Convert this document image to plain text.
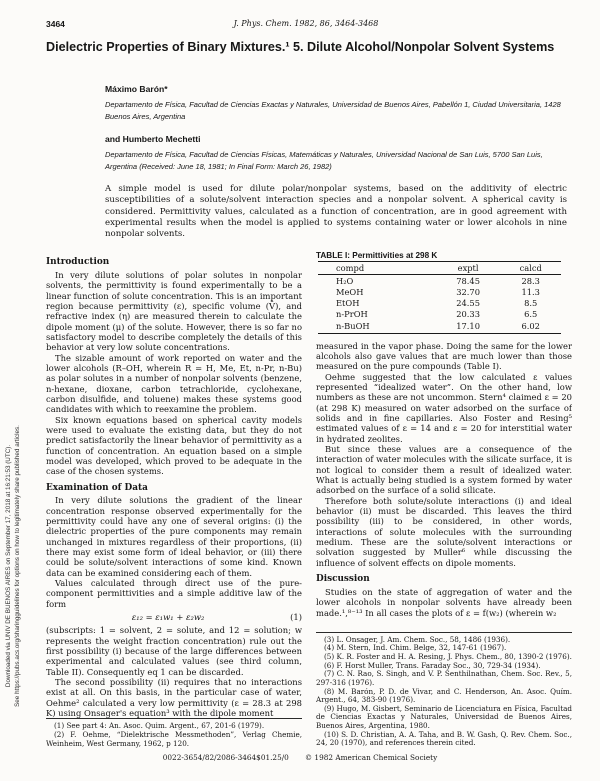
Downloaded via UNIV DE BUENOS AIRES on September 17, 2018 at 16:21:53 (UTC). See https://pubs.acs.org/sharingguidelines for options on how to legitimately share published articles.
3464	J. Phys. Chem. 1982, 86, 3464-3468
Dielectric Properties of Binary Mixtures.¹ 5. Dilute Alcohol/Nonpolar Solvent Systems

Máximo Barón*

Departamento de Física, Facultad de Ciencias Exactas y Naturales, Universidad de Buenos Aires, Pabellón 1, Ciudad Universitaria, 1428 Buenos Aires, Argentina

and Humberto Mechetti

Departamento de Física, Facultad de Ciencias Físicas, Matemáticas y Naturales, Universidad Nacional de San Luis, 5700 San Luis, Argentina (Received: June 18, 1981; In Final Form: March 26, 1982)

A simple model is used for dilute polar/nonpolar systems, based on the additivity of electric susceptibilities of a solute/solvent interaction species and a nonpolar solvent. A spherical cavity is considered. Permittivity values, calculated as a function of concentration, are in good agreement with experimental results when the model is applied to systems containing water or lower alcohols in nine nonpolar solvents.

Introduction

In very dilute solutions of polar solutes in nonpolar solvents, the permittivity is found experimentally to be a linear function of solute concentration. This is an important region because permittivity (ε), specific volume (V̄), and refractive index (η) are measured therein to calculate the dipole moment (μ) of the solute. However, there is so far no satisfactory model to describe completely the details of this behavior at very low solute concentrations.

The sizable amount of work reported on water and the lower alcohols (R–OH, wherein R = H, Me, Et, n-Pr, n-Bu) as polar solutes in a number of nonpolar solvents (benzene, n-hexane, dioxane, carbon tetrachloride, cyclohexane, carbon disulfide, and toluene) makes these systems good candidates with which to reexamine the problem.

Six known equations based on spherical cavity models were used to evaluate the existing data, but they do not predict satisfactorily the linear behavior of permittivity as a function of concentration. An equation based on a simple model was developed, which proved to be adequate in the case of the chosen systems.

Examination of Data

In very dilute solutions the gradient of the linear concentration response observed experimentally for the permittivity could have any one of several origins: (i) the dielectric properties of the pure components may remain unchanged in mixtures regardless of their proportions, (ii) there may exist some form of ideal behavior, or (iii) there could be solute/solvent interactions of some kind. Known data can be examined considering each of them.

Values calculated through direct use of the pure-component permittivities and a simple additive law of the form

ε₁₂ = ε₁w₁ + ε₂w₂	(1)

(subscripts: 1 = solvent, 2 = solute, and 12 = solution; w represents the weight fraction concentration) rule out the first possibility (i) because of the large differences between experimental and calculated values (see third column, Table II). Consequently eq 1 can be discarded.

The second possibility (ii) requires that no interactions exist at all. On this basis, in the particular case of water, Oehme² calculated a very low permittivity (ε = 28.3 at 298 K) using Onsager's equation³ with the dipole moment

(1) See part 4: An. Asoc. Quim. Argent., 67, 201-6 (1979).

(2) F. Oehme, “Dielektrische Messmethoden”, Verlag Chemie, Weinheim, West Germany, 1962, p 120.

TABLE I: Permittivities at 298 K

compd	exptl	calcd
H₂O	78.45	28.3
MeOH	32.70	11.3
EtOH	24.55	8.5
n-PrOH	20.33	6.5
n-BuOH	17.10	6.02

measured in the vapor phase. Doing the same for the lower alcohols also gave values that are much lower than those measured on the pure compounds (Table I).

Oehme suggested that the low calculated ε values represented “idealized water”. On the other hand, low numbers as these are not uncommon. Stern⁴ claimed ε = 20 (at 298 K) measured on water adsorbed on the surface of solids and in fine capillaries. Also Foster and Resing⁵ estimated values of ε = 14 and ε = 20 for interstitial water in hydrated zeolites.

But since these values are a consequence of the interaction of water molecules with the silicate surface, it is not logical to consider them a result of idealized water. What is actually being studied is a system formed by water adsorbed on the surface of a solid silicate.

Therefore both solute/solute interactions (i) and ideal behavior (ii) must be discarded. This leaves the third possibility (iii) to be considered, in other words, interactions of solute molecules with the surrounding medium. These are the solute/solvent interactions or solvation suggested by Muller⁶ while discussing the influence of solvent effects on dipole moments.

Discussion

Studies on the state of aggregation of water and the lower alcohols in nonpolar solvents have already been made.¹,⁸⁻¹³ In all cases the plots of ε = f(w₂) (wherein w₂

(3) L. Onsager, J. Am. Chem. Soc., 58, 1486 (1936).

(4) M. Stern, Ind. Chim. Belge, 32, 147-61 (1967).

(5) K. R. Foster and H. A. Resing, J. Phys. Chem., 80, 1390-2 (1976).

(6) F. Horst Muller, Trans. Faraday Soc., 30, 729-34 (1934).

(7) C. N. Rao, S. Singh, and V. P. Senthilnathan, Chem. Soc. Rev., 5, 297-316 (1976).

(8) M. Barón, P. D. de Vivar, and C. Henderson, An. Asoc. Quím. Argent., 64, 383-90 (1976).

(9) Hugo, M. Gisbert, Seminario de Licenciatura en Física, Facultad de Ciencias Exactas y Naturales, Universidad de Buenos Aires, Buenos Aires, Argentina, 1980.

(10) S. D. Christian, A. A. Taha, and B. W. Gash, Q. Rev. Chem. Soc., 24, 20 (1970), and references therein cited.

0022-3654/82/2086-3464$01.25/0 © 1982 American Chemical Society
